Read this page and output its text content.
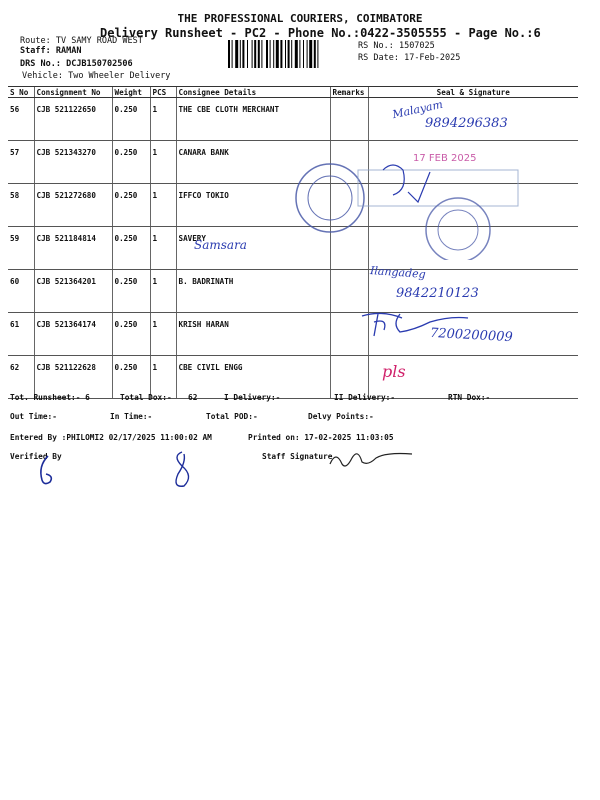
THE PROFESSIONAL COURIERS, COIMBATORE
Delivery Runsheet - PC2 - Phone No.:0422-3505555 - Page No.:6
Route: TV SAMY ROAD WEST
Staff: RAMAN
DRS No.: DCJB150702506
Vehicle: Two Wheeler Delivery
RS No.: 1507025
RS Date: 17-Feb-2025
S No	Consignment No	Weight	PCS	Consignee Details	Remarks	Seal & Signature
56	CJB 521122650	0.250	1	THE CBE CLOTH MERCHANT		
57	CJB 521343270	0.250	1	CANARA BANK		
58	CJB 521272680	0.250	1	IFFCO TOKIO		
59	CJB 521184814	0.250	1	SAVERY		
60	CJB 521364201	0.250	1	B. BADRINATH		
61	CJB 521364174	0.250	1	KRISH HARAN		
62	CJB 521122628	0.250	1	CBE CIVIL ENGG		
Malayam
9894296383
17 FEB 2025
Samsara
Ilangadeg
9842210123
7200200009
pls
Tot. Runsheet:- 6	Total Dox:- 62	I Delivery:-	II Delivery:-	RTN Dox:-
Out Time:-	In Time:-	Total POD:-	Delvy Points:-
Entered By :PHILOMI2 02/17/2025 11:00:02 AM	Printed on: 17-02-2025 11:03:05
Verified By	Staff Signature
